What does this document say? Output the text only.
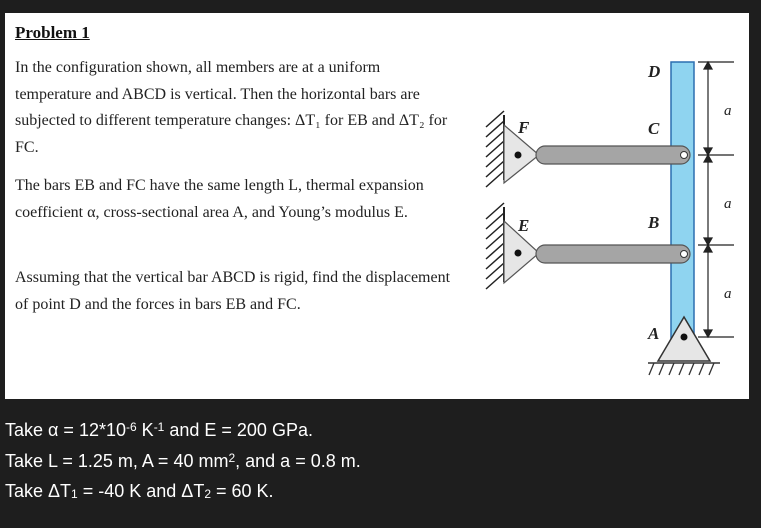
Problem 1

In the configuration shown, all members are at a uniform temperature and ABCD is vertical. Then the horizontal bars are subjected to different temperature changes: ΔT₁ for EB and ΔT₂ for FC.

The bars EB and FC have the same length L, thermal expansion coefficient α, cross-sectional area A, and Young’s modulus E.

Assuming that the vertical bar ABCD is rigid, find the displacement of point D and the forces in bars EB and FC.

a
a
a
D
C
B
A
F
E
Take $\alpha = 12*10^{-6}$ $K^{-1}$ and E = 200 GPa.
Take L = 1.25 m, A = 40 $mm^2$, and a = 0.8 m.
Take $\Delta T_1 = -40$ K and $\Delta T_2 = 60$ K.
